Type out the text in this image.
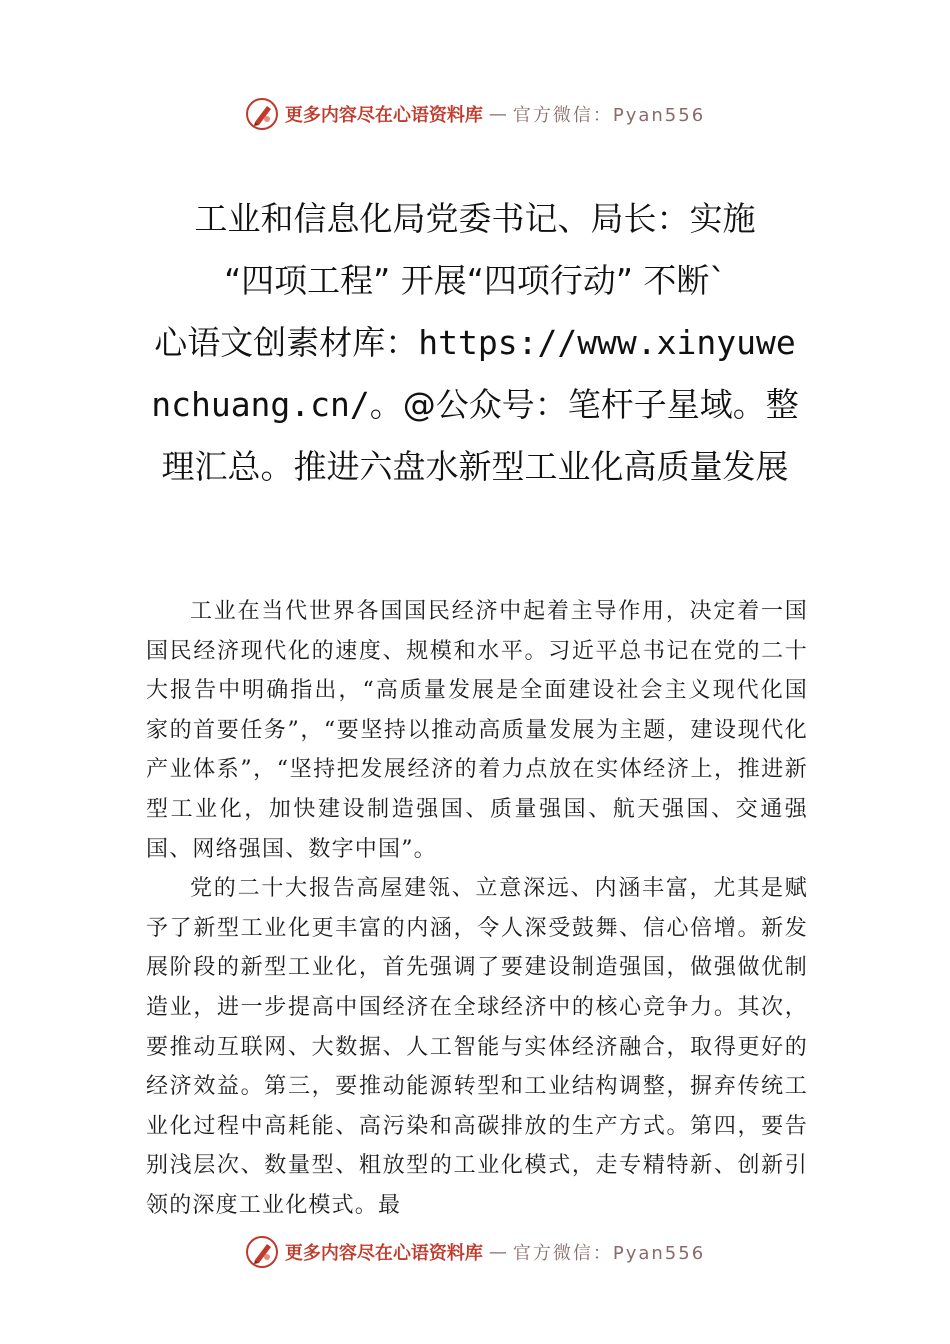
更多内容尽在心语资料库 — 官方微信：Pyan556
工业和信息化局党委书记、局长：实施
“四项工程” 开展“四项行动” 不断`
心语文创素材库：https://www.xinyuwenchuang.cn/。@公众号：笔杆子星域。整理汇总。推进六盘水新型工业化高质量发展

工业在当代世界各国国民经济中起着主导作用，决定着一国国民经济现代化的速度、规模和水平。习近平总书记在党的二十大报告中明确指出，“高质量发展是全面建设社会主义现代化国家的首要任务”，“要坚持以推动高质量发展为主题，建设现代化产业体系”，“坚持把发展经济的着力点放在实体经济上，推进新型工业化，加快建设制造强国、质量强国、航天强国、交通强国、网络强国、数字中国”。

党的二十大报告高屋建瓴、立意深远、内涵丰富，尤其是赋予了新型工业化更丰富的内涵，令人深受鼓舞、信心倍增。新发展阶段的新型工业化，首先强调了要建设制造强国，做强做优制造业，进一步提高中国经济在全球经济中的核心竞争力。其次，要推动互联网、大数据、人工智能与实体经济融合，取得更好的经济效益。第三，要推动能源转型和工业结构调整，摒弃传统工业化过程中高耗能、高污染和高碳排放的生产方式。第四，要告别浅层次、数量型、粗放型的工业化模式，走专精特新、创新引领的深度工业化模式。最

更多内容尽在心语资料库 — 官方微信：Pyan556
